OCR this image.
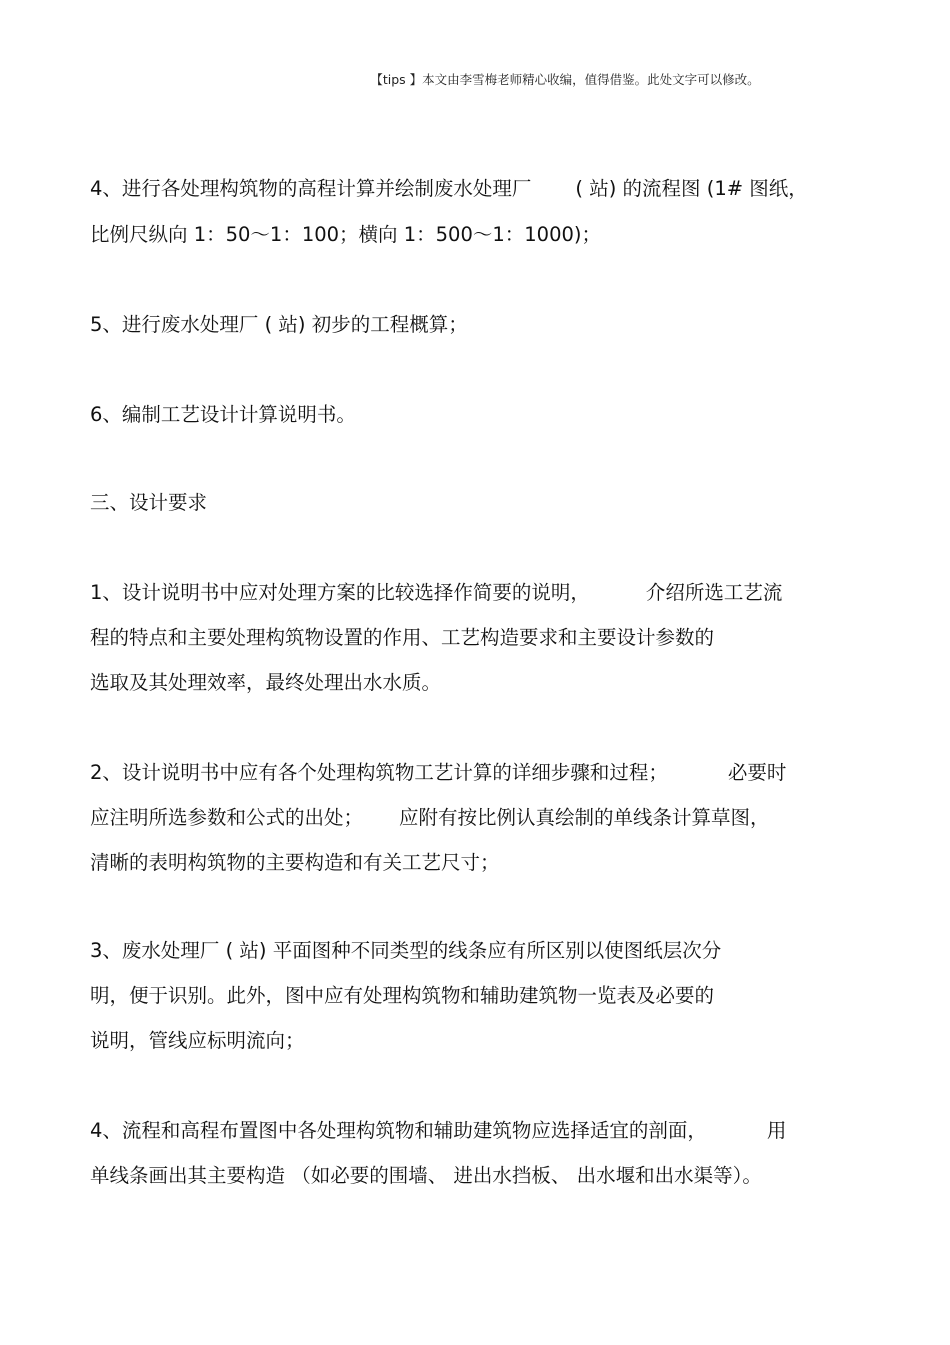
【tips 】本文由李雪梅老师精心收编，值得借鉴。此处文字可以修改。
4、进行各处理构筑物的高程计算并绘制废水处理厂 ( 站) 的流程图 (1# 图纸，
比例尺纵向 1：50～1：100；横向 1：500～1：1000)；
5、进行废水处理厂 ( 站) 初步的工程概算；
6、编制工艺设计计算说明书。
三、设计要求
1、设计说明书中应对处理方案的比较选择作简要的说明，	介绍所选工艺流
程的特点和主要处理构筑物设置的作用、工艺构造要求和主要设计参数的
选取及其处理效率，最终处理出水水质。
2、设计说明书中应有各个处理构筑物工艺计算的详细步骤和过程；	必要时
应注明所选参数和公式的出处； 应附有按比例认真绘制的单线条计算草图，
清晰的表明构筑物的主要构造和有关工艺尺寸；
3、废水处理厂 ( 站) 平面图种不同类型的线条应有所区别以使图纸层次分
明，便于识别。此外，图中应有处理构筑物和辅助建筑物一览表及必要的
说明，管线应标明流向；
4、流程和高程布置图中各处理构筑物和辅助建筑物应选择适宜的剖面，	用
单线条画出其主要构造 （如必要的围墙、 进出水挡板、 出水堰和出水渠等）。
